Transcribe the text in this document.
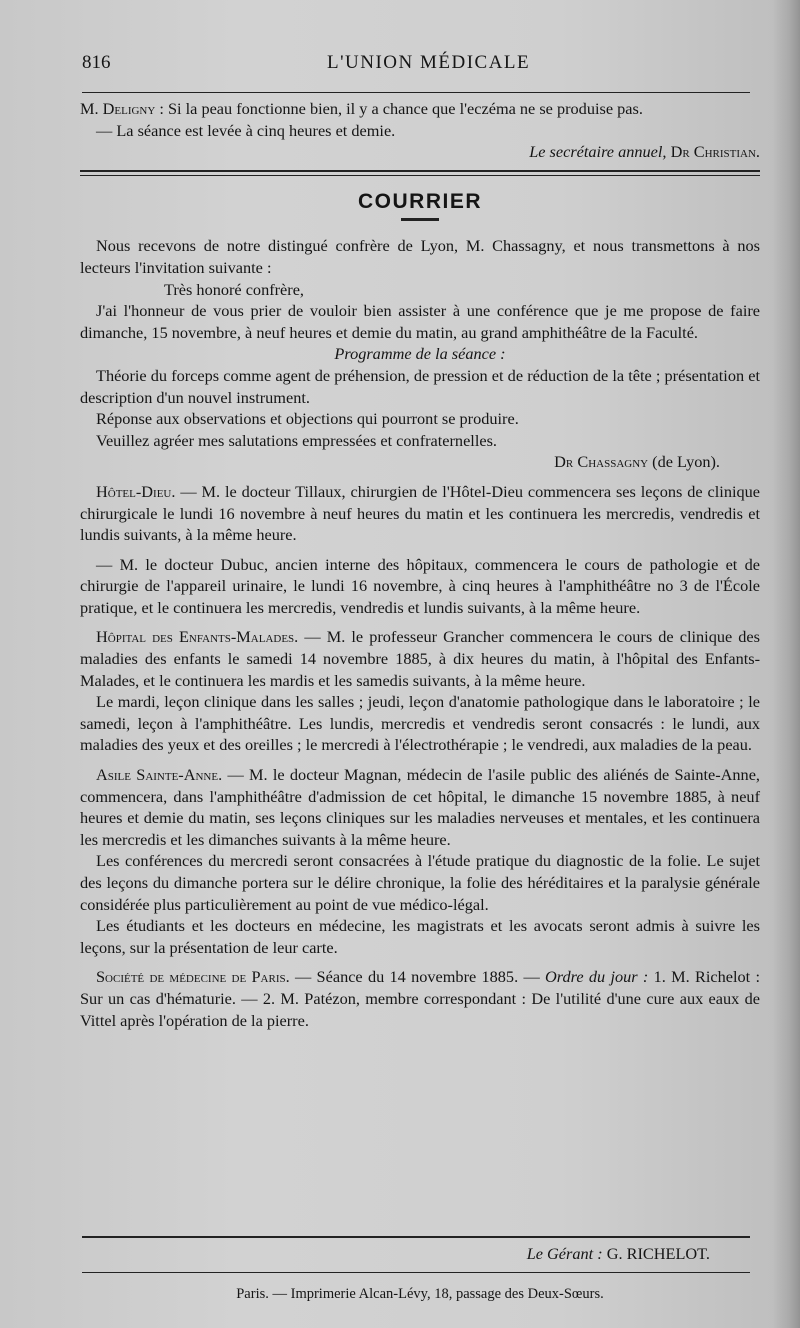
816	L'UNION MÉDICALE

M. Deligny : Si la peau fonctionne bien, il y a chance que l'eczéma ne se produise pas.

— La séance est levée à cinq heures et demie.

Le secrétaire annuel, Dr Christian.

COURRIER

Nous recevons de notre distingué confrère de Lyon, M. Chassagny, et nous transmettons à nos lecteurs l'invitation suivante :

Très honoré confrère,

J'ai l'honneur de vous prier de vouloir bien assister à une conférence que je me propose de faire dimanche, 15 novembre, à neuf heures et demie du matin, au grand amphithéâtre de la Faculté.

Programme de la séance :

Théorie du forceps comme agent de préhension, de pression et de réduction de la tête ; présentation et description d'un nouvel instrument.

Réponse aux observations et objections qui pourront se produire.

Veuillez agréer mes salutations empressées et confraternelles.

Dr Chassagny (de Lyon).

Hôtel-Dieu. — M. le docteur Tillaux, chirurgien de l'Hôtel-Dieu commencera ses leçons de clinique chirurgicale le lundi 16 novembre à neuf heures du matin et les continuera les mercredis, vendredis et lundis suivants, à la même heure.

— M. le docteur Dubuc, ancien interne des hôpitaux, commencera le cours de pathologie et de chirurgie de l'appareil urinaire, le lundi 16 novembre, à cinq heures à l'amphithéâtre no 3 de l'École pratique, et le continuera les mercredis, vendredis et lundis suivants, à la même heure.

Hôpital des Enfants-Malades. — M. le professeur Grancher commencera le cours de clinique des maladies des enfants le samedi 14 novembre 1885, à dix heures du matin, à l'hôpital des Enfants-Malades, et le continuera les mardis et les samedis suivants, à la même heure.

Le mardi, leçon clinique dans les salles ; jeudi, leçon d'anatomie pathologique dans le laboratoire ; le samedi, leçon à l'amphithéâtre. Les lundis, mercredis et vendredis seront consacrés : le lundi, aux maladies des yeux et des oreilles ; le mercredi à l'électrothérapie ; le vendredi, aux maladies de la peau.

Asile Sainte-Anne. — M. le docteur Magnan, médecin de l'asile public des aliénés de Sainte-Anne, commencera, dans l'amphithéâtre d'admission de cet hôpital, le dimanche 15 novembre 1885, à neuf heures et demie du matin, ses leçons cliniques sur les maladies nerveuses et mentales, et les continuera les mercredis et les dimanches suivants à la même heure.

Les conférences du mercredi seront consacrées à l'étude pratique du diagnostic de la folie. Le sujet des leçons du dimanche portera sur le délire chronique, la folie des héréditaires et la paralysie générale considérée plus particulièrement au point de vue médico-légal.

Les étudiants et les docteurs en médecine, les magistrats et les avocats seront admis à suivre les leçons, sur la présentation de leur carte.

Société de médecine de Paris. — Séance du 14 novembre 1885. — Ordre du jour : 1. M. Richelot : Sur un cas d'hématurie. — 2. M. Patézon, membre correspondant : De l'utilité d'une cure aux eaux de Vittel après l'opération de la pierre.

Le Gérant : G. RICHELOT.
Paris. — Imprimerie Alcan-Lévy, 18, passage des Deux-Sœurs.
